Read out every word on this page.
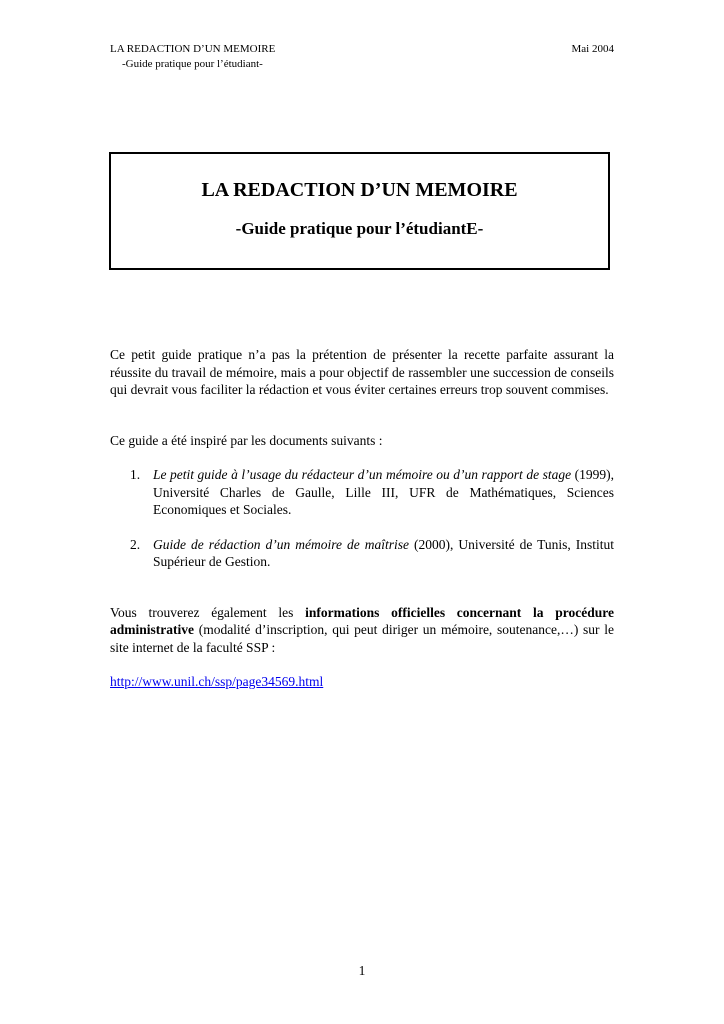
LA REDACTION D’UN MEMOIRE	Mai 2004
-Guide pratique pour l’étudiant-
LA REDACTION D’UN MEMOIRE
-Guide pratique pour l’étudiantE-

Ce petit guide pratique n’a pas la prétention de présenter la recette parfaite assurant la réussite du travail de mémoire, mais a pour objectif de rassembler une succession de conseils qui devrait vous faciliter la rédaction et vous éviter certaines erreurs trop souvent commises.

Ce guide a été inspiré par les documents suivants :

1. Le petit guide à l’usage du rédacteur d’un mémoire ou d’un rapport de stage (1999), Université Charles de Gaulle, Lille III, UFR de Mathématiques, Sciences Economiques et Sociales.
2. Guide de rédaction d’un mémoire de maîtrise (2000), Université de Tunis, Institut Supérieur de Gestion.

Vous trouverez également les informations officielles concernant la procédure administrative (modalité d’inscription, qui peut diriger un mémoire, soutenance,…) sur le site internet de la faculté SSP :

http://www.unil.ch/ssp/page34569.html

1
